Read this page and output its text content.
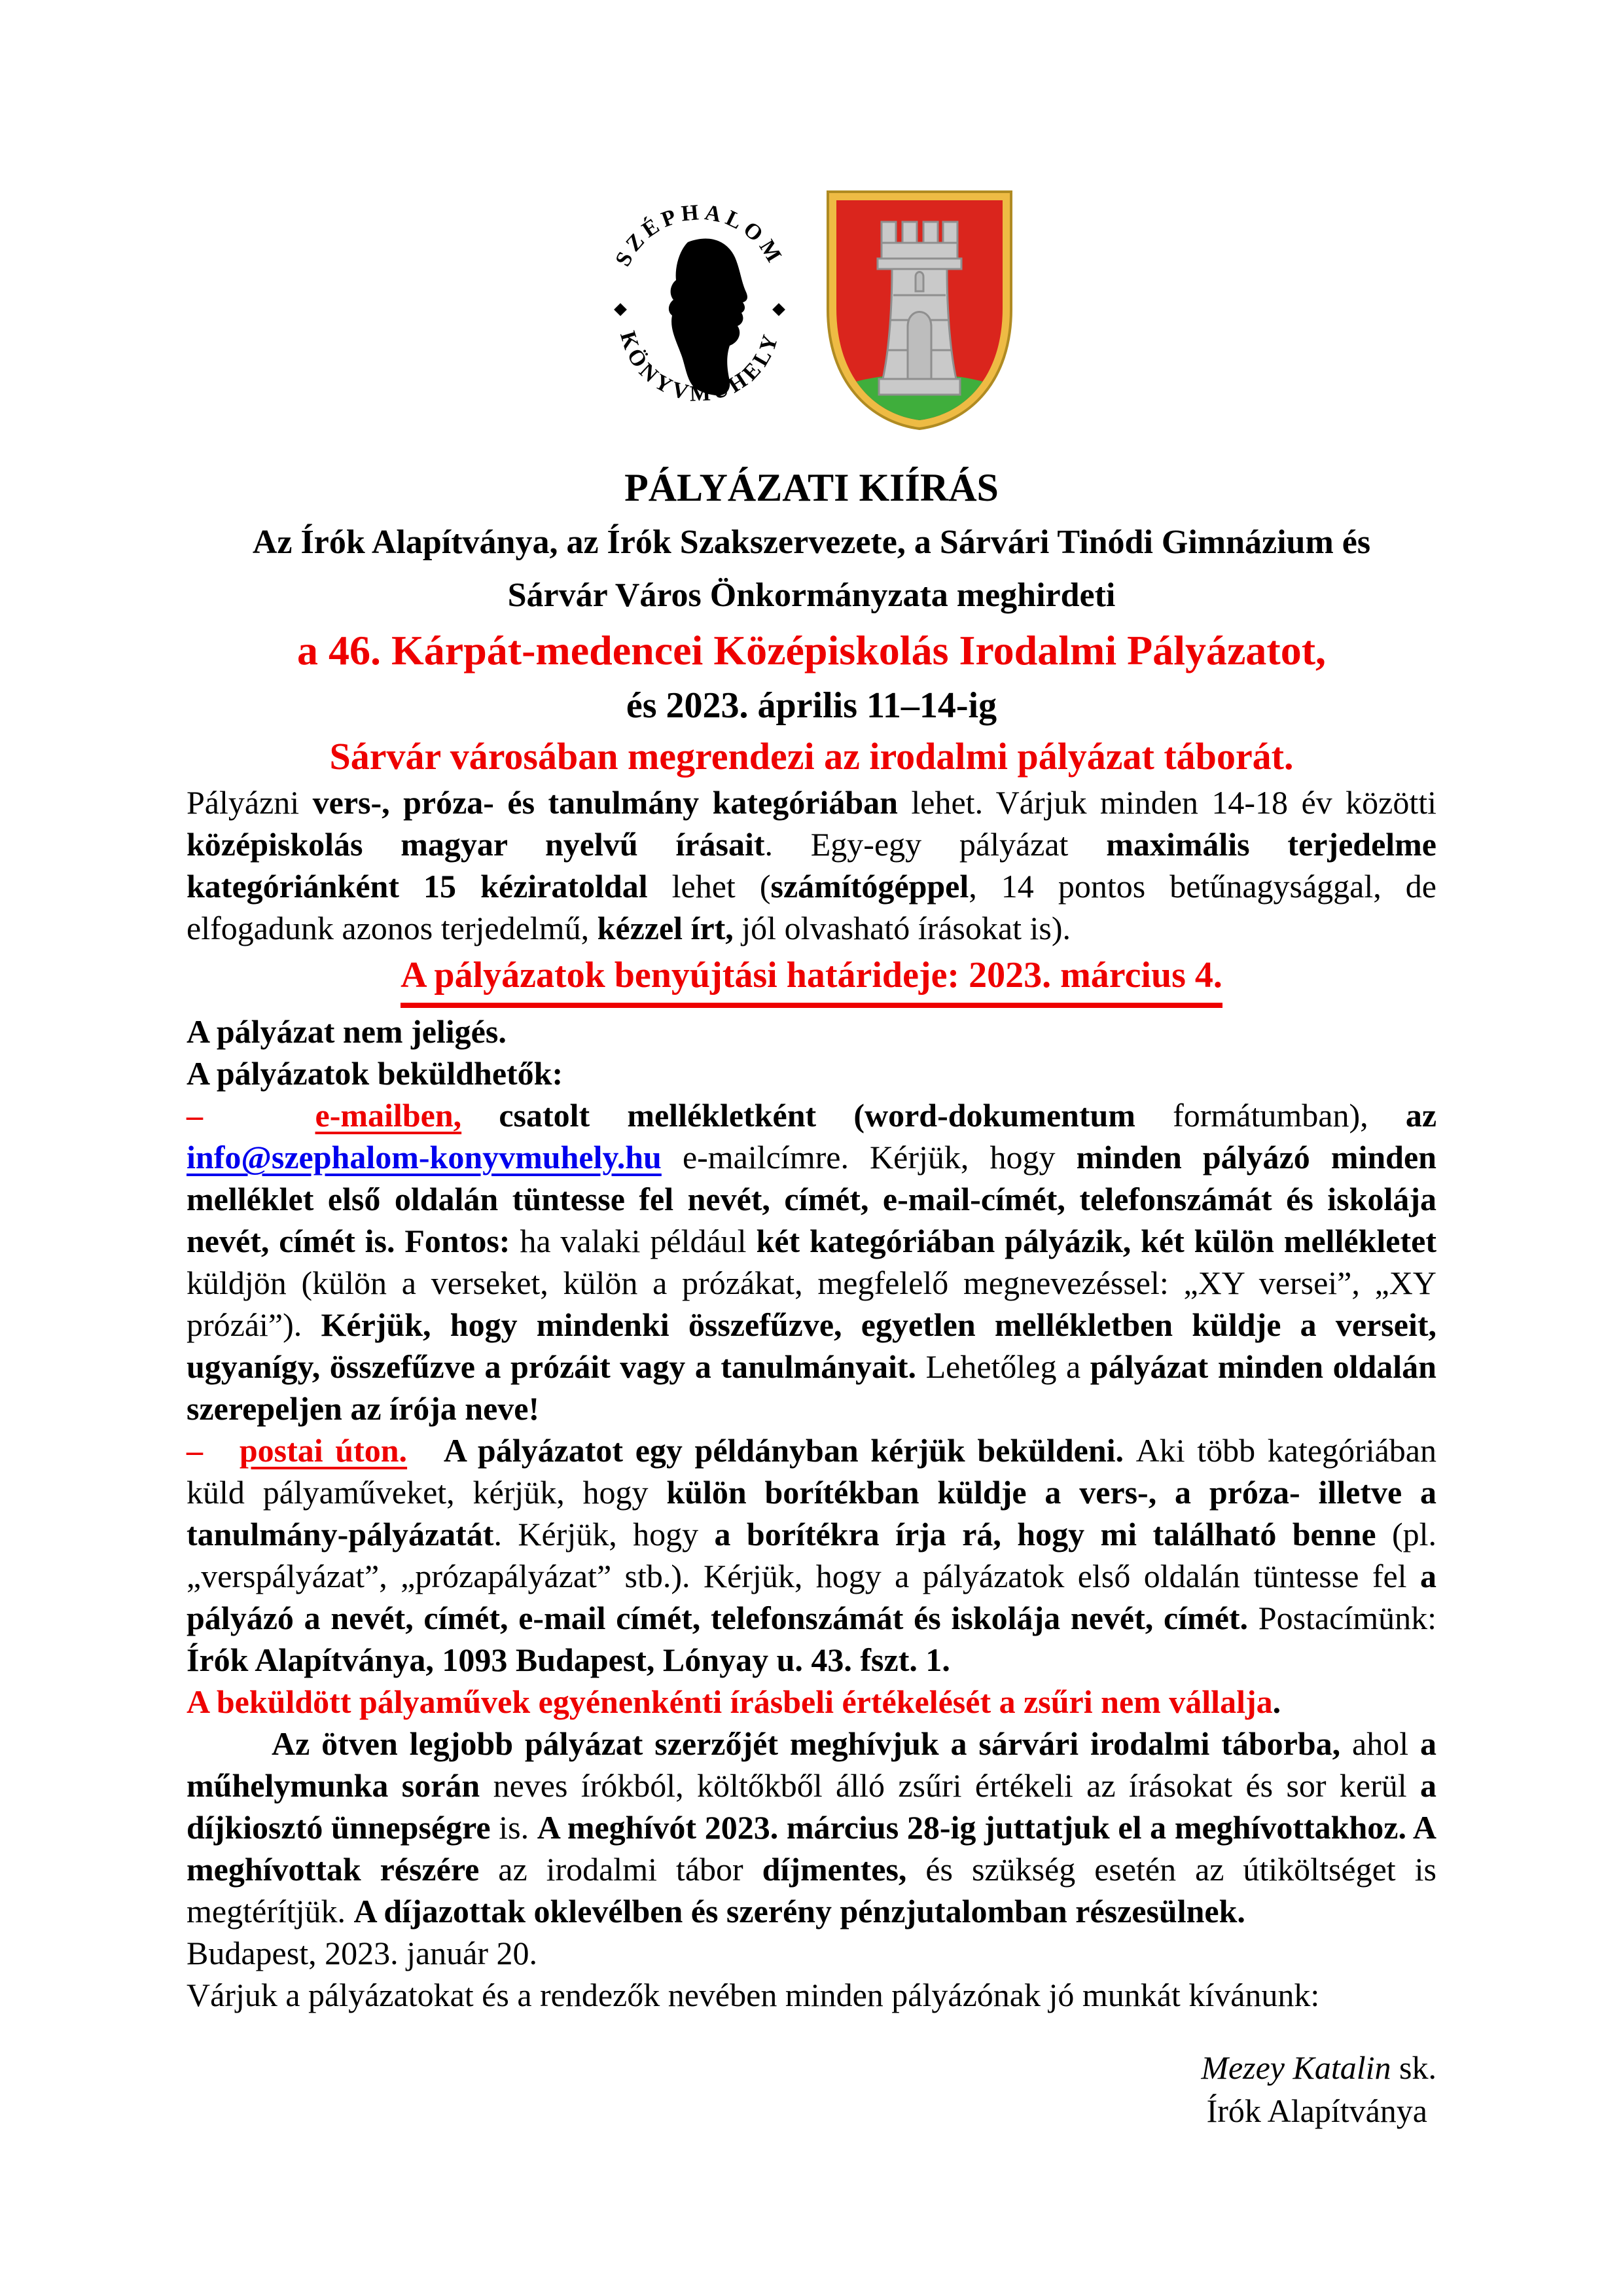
SZÉPHALOM
KÖNYVMŰHELY
PÁLYÁZATI KIÍRÁS
Az Írók Alapítványa, az Írók Szakszervezete, a Sárvári Tinódi Gimnázium és
Sárvár Város Önkormányzata meghirdeti
a 46. Kárpát-medencei Középiskolás Irodalmi Pályázatot,
és 2023. április 11–14-ig
Sárvár városában megrendezi az irodalmi pályázat táborát.

Pályázni vers-, próza- és tanulmány kategóriában lehet. Várjuk minden 14-18 év közötti középiskolás magyar nyelvű írásait. Egy-egy pályázat maximális terjedelme kategóriánként 15 kéziratoldal lehet (számítógéppel, 14 pontos betűnagysággal, de elfogadunk azonos terjedelmű, kézzel írt, jól olvasható írásokat is).

A pályázatok benyújtási határideje: 2023. március 4.

A pályázat nem jeligés.

A pályázatok beküldhetők:

–   e-mailben, csatolt mellékletként (word-dokumentum formátumban), az info@szephalom-konyvmuhely.hu e-mailcímre. Kérjük, hogy minden pályázó minden melléklet első oldalán tüntesse fel nevét, címét, e-mail-címét, telefonszámát és iskolája nevét, címét is. Fontos: ha valaki például két kategóriában pályázik, két külön mellékletet küldjön (külön a verseket, külön a prózákat, megfelelő megnevezéssel: „XY versei”, „XY prózái”). Kérjük, hogy mindenki összefűzve, egyetlen mellékletben küldje a verseit, ugyanígy, összefűzve a prózáit vagy a tanulmányait. Lehetőleg a pályázat minden oldalán szerepeljen az írója neve!

–   postai úton. A pályázatot egy példányban kérjük beküldeni. Aki több kategóriában küld pályaműveket, kérjük, hogy külön borítékban küldje a vers-, a próza- illetve a tanulmány-pályázatát. Kérjük, hogy a borítékra írja rá, hogy mi található benne (pl. „verspályázat”, „prózapályázat” stb.). Kérjük, hogy a pályázatok első oldalán tüntesse fel a pályázó a nevét, címét, e-mail címét, telefonszámát és iskolája nevét, címét. Postacímünk: Írók Alapítványa, 1093 Budapest, Lónyay u. 43. fszt. 1.

A beküldött pályaművek egyénenkénti írásbeli értékelését a zsűri nem vállalja.

Az ötven legjobb pályázat szerzőjét meghívjuk a sárvári irodalmi táborba, ahol a műhelymunka során neves írókból, költőkből álló zsűri értékeli az írásokat és sor kerül a díjkiosztó ünnepségre is. A meghívót 2023. március 28-ig juttatjuk el a meghívottakhoz. A meghívottak részére az irodalmi tábor díjmentes, és szükség esetén az útiköltséget is megtérítjük. A díjazottak oklevélben és szerény pénzjutalomban részesülnek.

Budapest, 2023. január 20.

Várjuk a pályázatokat és a rendezők nevében minden pályázónak jó munkát kívánunk:

Mezey Katalin sk.
Írók Alapítványa
